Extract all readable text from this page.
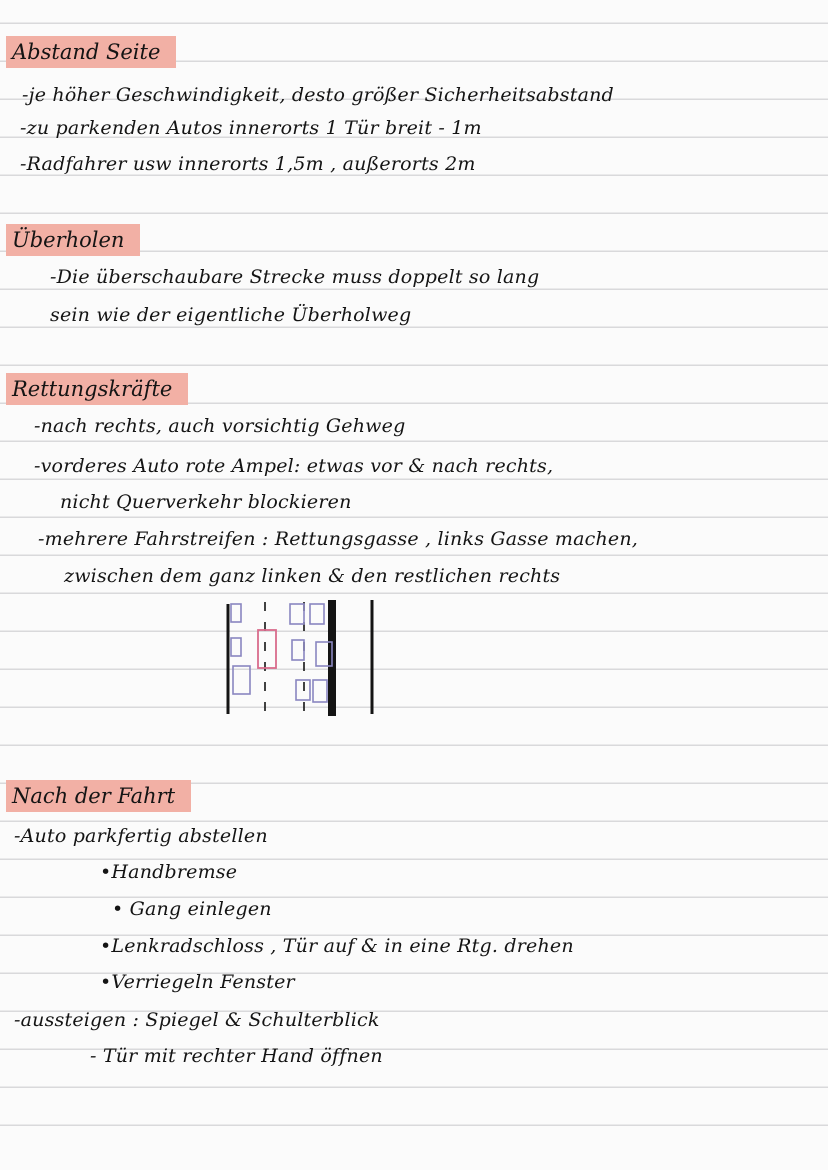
Abstand Seite
-je höher Geschwindigkeit, desto größer Sicherheitsabstand
-zu parkenden Autos innerorts 1 Tür breit - 1m
-Radfahrer usw innerorts 1,5m , außerorts 2m
Überholen
-Die überschaubare Strecke muss doppelt so lang
sein wie der eigentliche Überholweg
Rettungskräfte
-nach rechts, auch vorsichtig Gehweg
-vorderes Auto rote Ampel: etwas vor & nach rechts,
nicht Querverkehr blockieren
-mehrere Fahrstreifen : Rettungsgasse , links Gasse machen,
zwischen dem ganz linken & den restlichen rechts
Nach der Fahrt
-Auto parkfertig abstellen
•Handbremse
• Gang einlegen
•Lenkradschloss , Tür auf & in eine Rtg. drehen
•Verriegeln Fenster
-aussteigen : Spiegel & Schulterblick
- Tür mit rechter Hand öffnen
